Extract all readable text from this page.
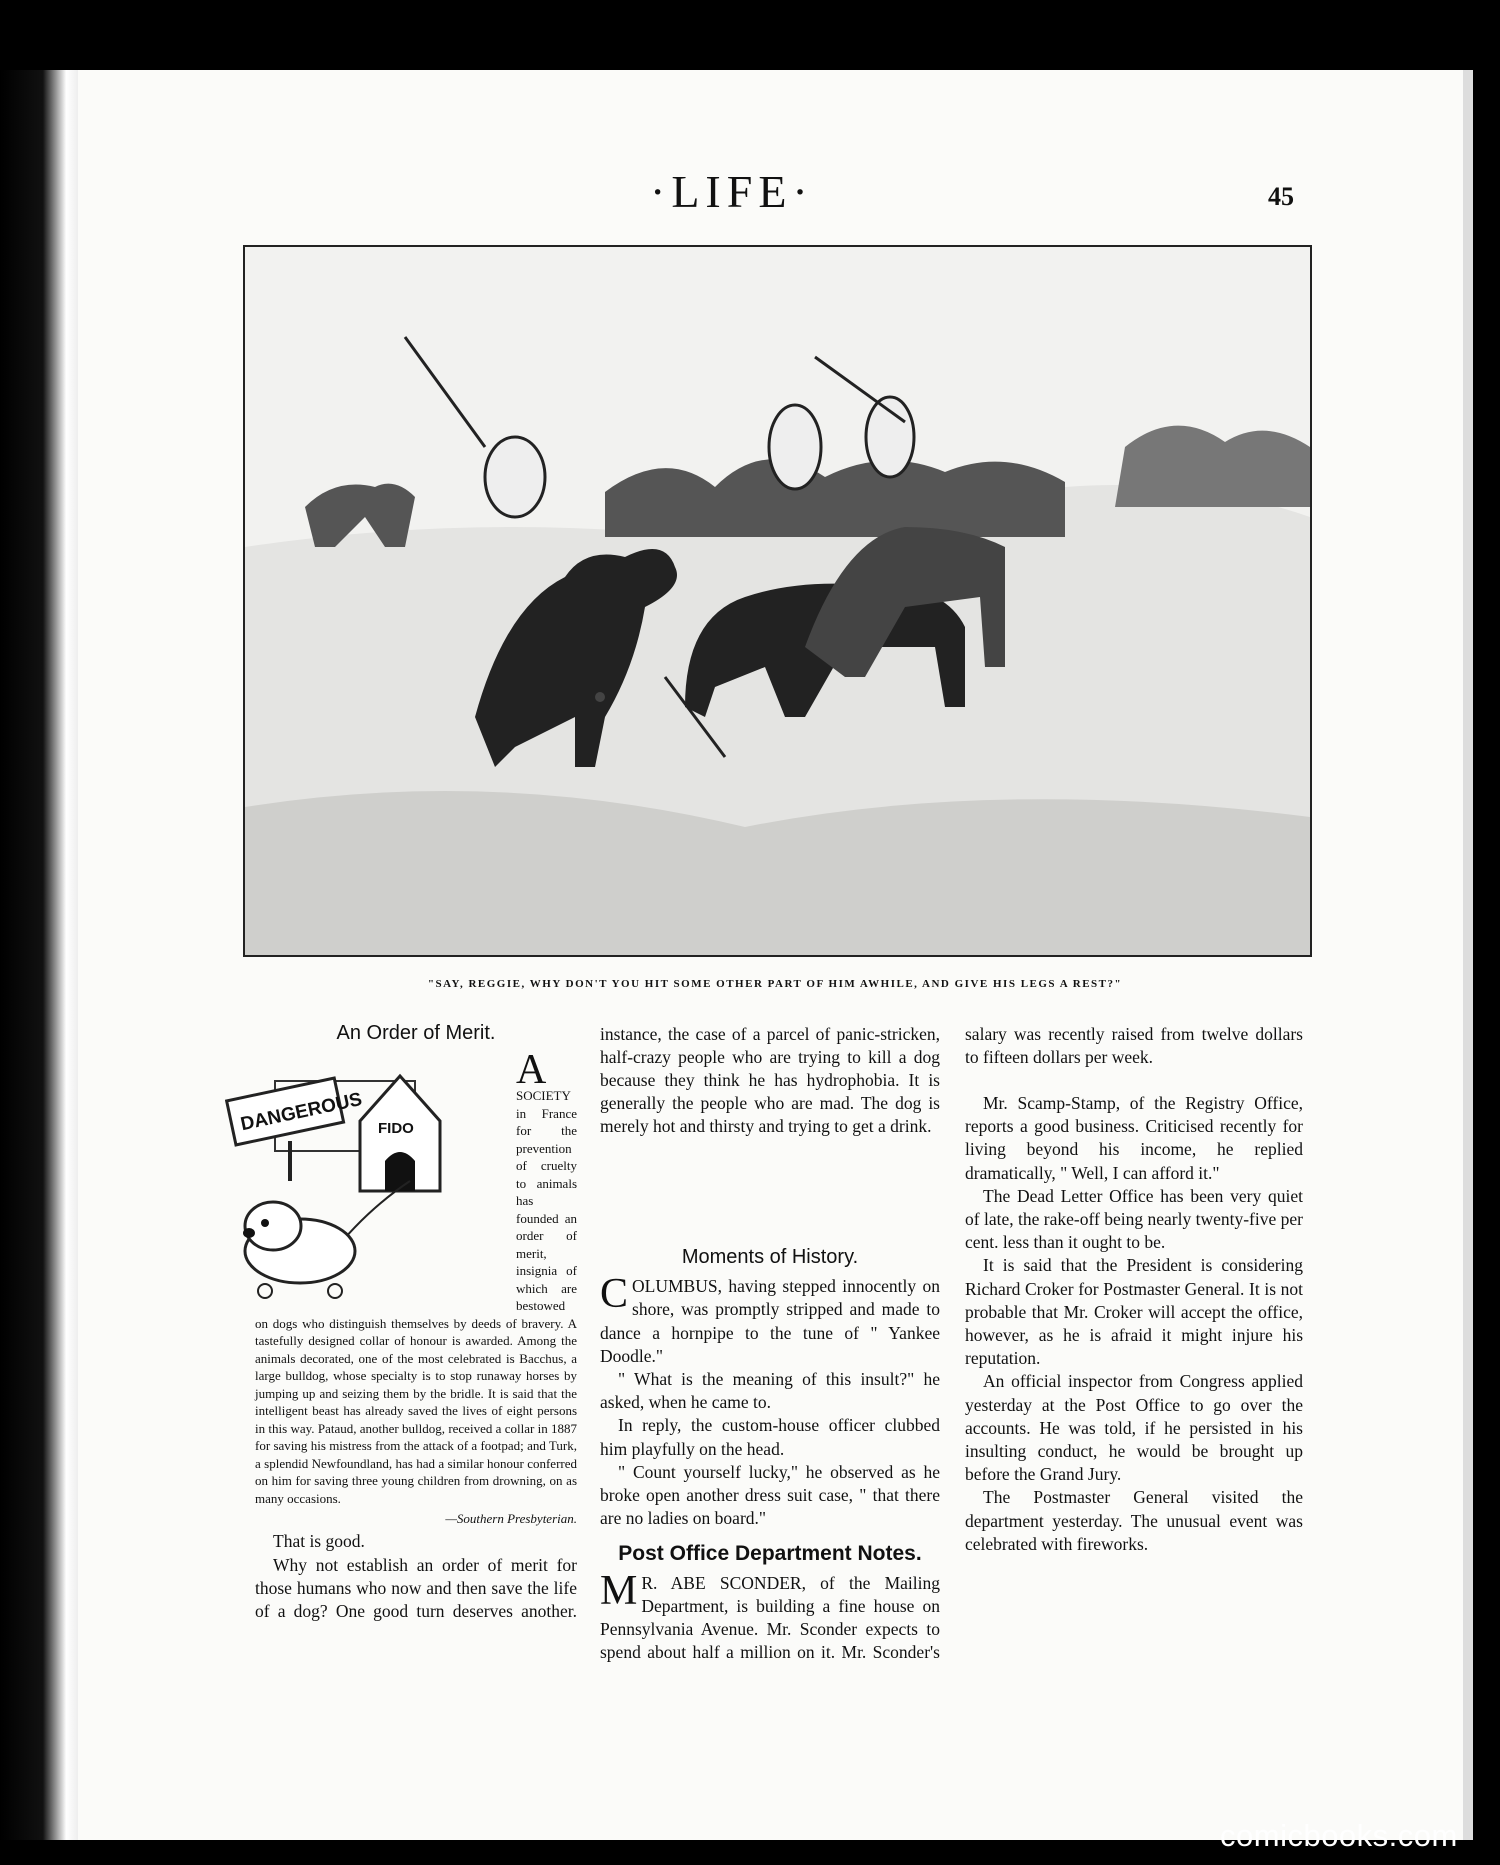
·LIFE·	45
"SAY, REGGIE, WHY DON'T YOU HIT SOME OTHER PART OF HIM AWHILE, AND GIVE HIS LEGS A REST?"
An Order of Merit.
DANGEROUS FIDO

A
SOCIETY in France for the prevention of cruelty to animals has founded an order of merit, insignia of which are bestowed on dogs who distinguish themselves by deeds of bravery. A tastefully designed collar of honour is awarded. Among the animals decorated, one of the most celebrated is Bacchus, a large bulldog, whose specialty is to stop runaway horses by jumping up and seizing them by the bridle. It is said that the intelligent beast has already saved the lives of eight persons in this way. Pataud, another bulldog, received a collar in 1887 for saving his mistress from the attack of a footpad; and Turk, a splendid Newfoundland, has had a similar honour conferred on him for saving three young children from drowning, on as many occasions.

—Southern Presbyterian.

That is good.

Why not establish an order of merit for those humans who now and then save the life of a dog? One good turn deserves another.

instance, the case of a parcel of panic-stricken, half-crazy people who are trying to kill a dog because they think he has hydrophobia. It is generally the people who are mad. The dog is merely hot and thirsty and trying to get a drink.

Moments of History.

COLUMBUS, having stepped innocently on shore, was promptly stripped and made to dance a hornpipe to the tune of " Yankee Doodle."

" What is the meaning of this insult?" he asked, when he came to.

In reply, the custom-house officer clubbed him playfully on the head.

" Count yourself lucky," he observed as he broke open another dress suit case, " that there are no ladies on board."

Post Office Department Notes.

M R. ABE SCONDER, of the Mailing Department, is building a fine house on Pennsylvania Avenue. Mr. Sconder expects to spend about half a million on it. Mr. Sconder's

salary was recently raised from twelve dollars to fifteen dollars per week.

Mr. Scamp-Stamp, of the Registry Office, reports a good business. Criticised recently for living beyond his income, he replied dramatically, " Well, I can afford it."

The Dead Letter Office has been very quiet of late, the rake-off being nearly twenty-five per cent. less than it ought to be.

It is said that the President is considering Richard Croker for Postmaster General. It is not probable that Mr. Croker will accept the office, however, as he is afraid it might injure his reputation.

An official inspector from Congress applied yesterday at the Post Office to go over the accounts. He was told, if he persisted in his insulting conduct, he would be brought up before the Grand Jury.

The Postmaster General visited the department yesterday. The unusual event was celebrated with fireworks.

comicbooks.com
